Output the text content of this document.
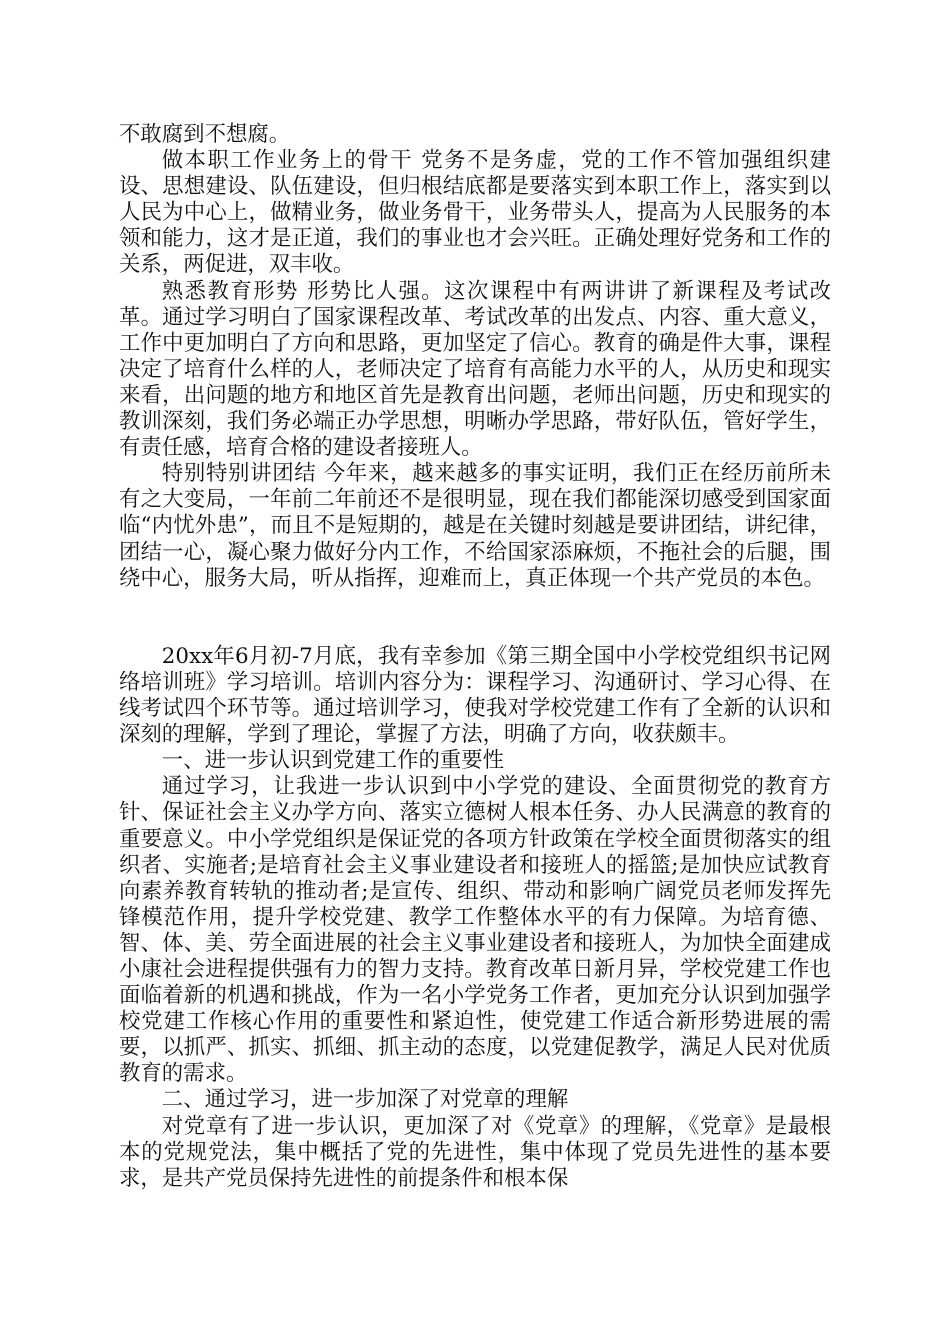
不敢腐到不想腐。

做本职工作业务上的骨干 党务不是务虚，党的工作不管加强组织建设、思想建设、队伍建设，但归根结底都是要落实到本职工作上，落实到以人民为中心上，做精业务，做业务骨干，业务带头人，提高为人民服务的本领和能力，这才是正道，我们的事业也才会兴旺。正确处理好党务和工作的关系，两促进，双丰收。

熟悉教育形势 形势比人强。这次课程中有两讲讲了新课程及考试改革。通过学习明白了国家课程改革、考试改革的出发点、内容、重大意义，工作中更加明白了方向和思路，更加坚定了信心。教育的确是件大事，课程决定了培育什么样的人，老师决定了培育有高能力水平的人，从历史和现实来看，出问题的地方和地区首先是教育出问题，老师出问题，历史和现实的教训深刻，我们务必端正办学思想，明晰办学思路，带好队伍，管好学生，有责任感，培育合格的建设者接班人。

特别特别讲团结 今年来，越来越多的事实证明，我们正在经历前所未有之大变局，一年前二年前还不是很明显，现在我们都能深切感受到国家面临“内忧外患”，而且不是短期的，越是在关键时刻越是要讲团结，讲纪律，团结一心，凝心聚力做好分内工作，不给国家添麻烦，不拖社会的后腿，围绕中心，服务大局，听从指挥，迎难而上，真正体现一个共产党员的本色。

20xx年6月初-7月底，我有幸参加《第三期全国中小学校党组织书记网络培训班》学习培训。培训内容分为：课程学习、沟通研讨、学习心得、在线考试四个环节等。通过培训学习，使我对学校党建工作有了全新的认识和深刻的理解，学到了理论，掌握了方法，明确了方向，收获颇丰。

一、进一步认识到党建工作的重要性

通过学习，让我进一步认识到中小学党的建设、全面贯彻党的教育方针、保证社会主义办学方向、落实立德树人根本任务、办人民满意的教育的重要意义。中小学党组织是保证党的各项方针政策在学校全面贯彻落实的组织者、实施者;是培育社会主义事业建设者和接班人的摇篮;是加快应试教育向素养教育转轨的推动者;是宣传、组织、带动和影响广阔党员老师发挥先锋模范作用，提升学校党建、教学工作整体水平的有力保障。为培育德、智、体、美、劳全面进展的社会主义事业建设者和接班人，为加快全面建成小康社会进程提供强有力的智力支持。教育改革日新月异，学校党建工作也面临着新的机遇和挑战，作为一名小学党务工作者，更加充分认识到加强学校党建工作核心作用的重要性和紧迫性，使党建工作适合新形势进展的需要，以抓严、抓实、抓细、抓主动的态度，以党建促教学，满足人民对优质教育的需求。

二、通过学习，进一步加深了对党章的理解

对党章有了进一步认识，更加深了对《党章》的理解，《党章》是最根本的党规党法，集中概括了党的先进性，集中体现了党员先进性的基本要求，是共产党员保持先进性的前提条件和根本保
